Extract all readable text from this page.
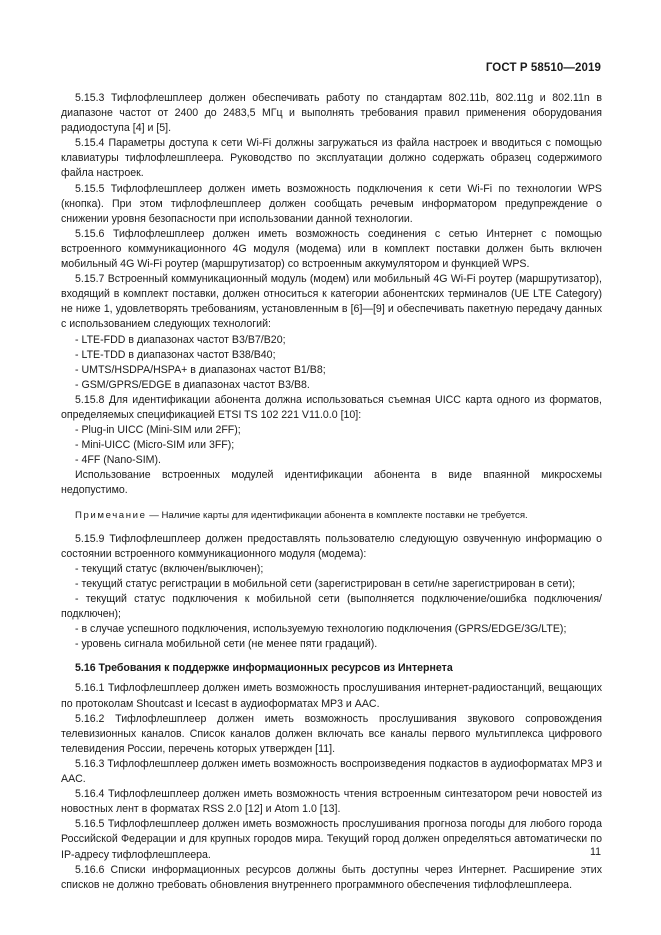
ГОСТ Р 58510—2019

5.15.3 Тифлофлешплеер должен обеспечивать работу по стандартам 802.11b, 802.11g и 802.11n в диапазоне частот от 2400 до 2483,5 МГц и выполнять требования правил применения оборудования радиодоступа [4] и [5].

5.15.4 Параметры доступа к сети Wi-Fi должны загружаться из файла настроек и вводиться с помощью клавиатуры тифлофлешплеера. Руководство по эксплуатации должно содержать образец содержимого файла настроек.

5.15.5 Тифлофлешплеер должен иметь возможность подключения к сети Wi-Fi по технологии WPS (кнопка). При этом тифлофлешплеер должен сообщать речевым информатором предупреждение о снижении уровня безопасности при использовании данной технологии.

5.15.6 Тифлофлешплеер должен иметь возможность соединения с сетью Интернет с помощью встроенного коммуникационного 4G модуля (модема) или в комплект поставки должен быть включен мобильный 4G Wi-Fi роутер (маршрутизатор) со встроенным аккумулятором и функцией WPS.

5.15.7 Встроенный коммуникационный модуль (модем) или мобильный 4G Wi-Fi роутер (маршрутизатор), входящий в комплект поставки, должен относиться к категории абонентских терминалов (UE LTE Category) не ниже 1, удовлетворять требованиям, установленным в [6]—[9] и обеспечивать пакетную передачу данных с использованием следующих технологий:

- LTE-FDD в диапазонах частот B3/B7/B20;

- LTE-TDD в диапазонах частот B38/B40;

- UMTS/HSDPA/HSPA+ в диапазонах частот B1/B8;

- GSM/GPRS/EDGE в диапазонах частот B3/B8.

5.15.8 Для идентификации абонента должна использоваться съемная UICC карта одного из форматов, определяемых спецификацией ETSI TS 102 221 V11.0.0 [10]:

- Plug-in UICC (Mini-SIM или 2FF);

- Mini-UICC (Micro-SIM или 3FF);

- 4FF (Nano-SIM).

Использование встроенных модулей идентификации абонента в виде впаянной микросхемы недопустимо.

Примечание — Наличие карты для идентификации абонента в комплекте поставки не требуется.

5.15.9 Тифлофлешплеер должен предоставлять пользователю следующую озвученную информацию о состоянии встроенного коммуникационного модуля (модема):

- текущий статус (включен/выключен);

- текущий статус регистрации в мобильной сети (зарегистрирован в сети/не зарегистрирован в сети);

- текущий статус подключения к мобильной сети (выполняется подключение/ошибка подключения/подключен);

- в случае успешного подключения, используемую технологию подключения (GPRS/EDGE/3G/LTE);

- уровень сигнала мобильной сети (не менее пяти градаций).

5.16 Требования к поддержке информационных ресурсов из Интернета

5.16.1 Тифлофлешплеер должен иметь возможность прослушивания интернет-радиостанций, вещающих по протоколам Shoutcast и Icecast в аудиоформатах MP3 и AAC.

5.16.2 Тифлофлешплеер должен иметь возможность прослушивания звукового сопровождения телевизионных каналов. Список каналов должен включать все каналы первого мультиплекса цифрового телевидения России, перечень которых утвержден [11].

5.16.3 Тифлофлешплеер должен иметь возможность воспроизведения подкастов в аудиоформатах MP3 и AAC.

5.16.4 Тифлофлешплеер должен иметь возможность чтения встроенным синтезатором речи новостей из новостных лент в форматах RSS 2.0 [12] и Atom 1.0 [13].

5.16.5 Тифлофлешплеер должен иметь возможность прослушивания прогноза погоды для любого города Российской Федерации и для крупных городов мира. Текущий город должен определяться автоматически по IP-адресу тифлофлешплеера.

5.16.6 Списки информационных ресурсов должны быть доступны через Интернет. Расширение этих списков не должно требовать обновления внутреннего программного обеспечения тифлофлешплеера.

11
